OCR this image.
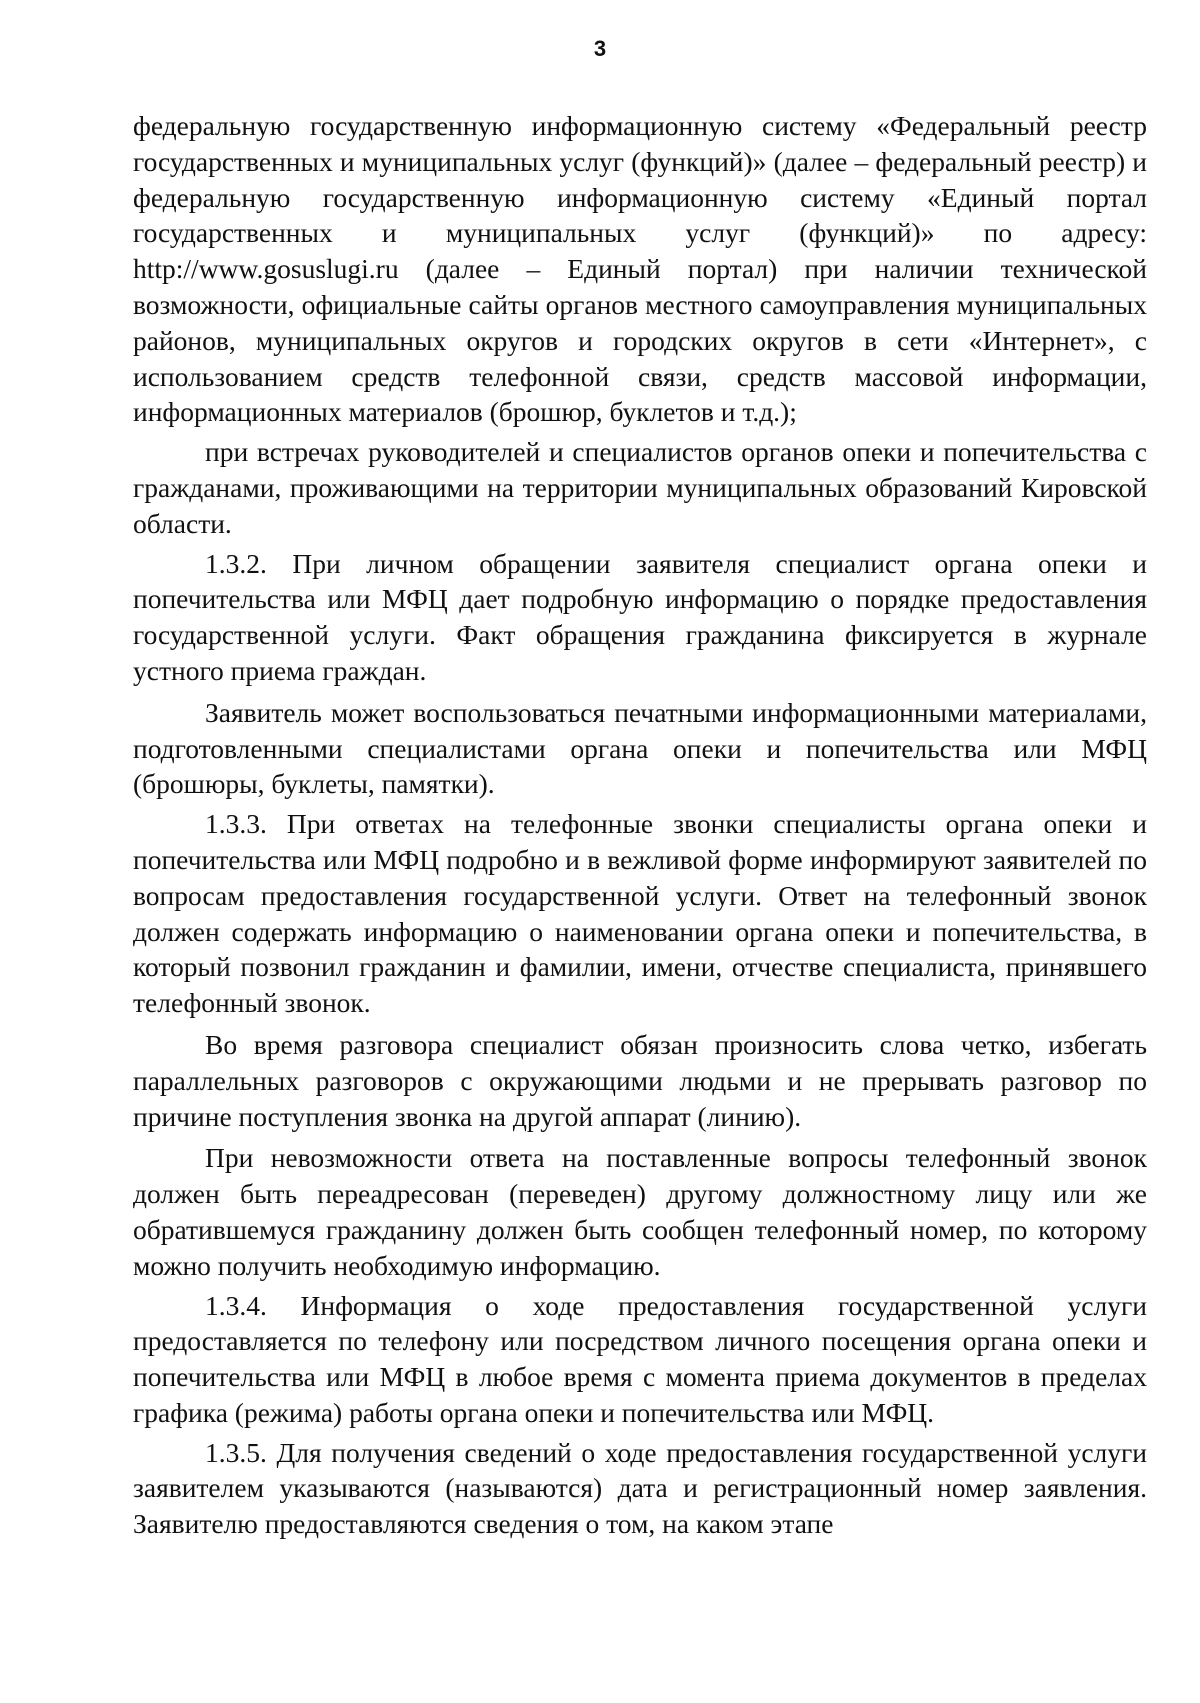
3

федеральную государственную информационную систему «Федеральный реестр государственных и муниципальных услуг (функций)» (далее – федеральный реестр) и федеральную государственную информационную систему «Единый портал государственных и муниципальных услуг (функций)» по адресу: http://www.gosuslugi.ru (далее – Единый портал) при наличии технической возможности, официальные сайты органов местного самоуправления муниципальных районов, муниципальных округов и городских округов в сети «Интернет», с использованием средств телефонной связи, средств массовой информации, информационных материалов (брошюр, буклетов и т.д.);

при встречах руководителей и специалистов органов опеки и попечительства с гражданами, проживающими на территории муниципальных образований Кировской области.

1.3.2. При личном обращении заявителя специалист органа опеки и попечительства или МФЦ дает подробную информацию о порядке предоставления государственной услуги. Факт обращения гражданина фиксируется в журнале устного приема граждан.

Заявитель может воспользоваться печатными информационными материалами, подготовленными специалистами органа опеки и попечительства или МФЦ (брошюры, буклеты, памятки).

1.3.3. При ответах на телефонные звонки специалисты органа опеки и попечительства или МФЦ подробно и в вежливой форме информируют заявителей по вопросам предоставления государственной услуги. Ответ на телефонный звонок должен содержать информацию о наименовании органа опеки и попечительства, в который позвонил гражданин и фамилии, имени, отчестве специалиста, принявшего телефонный звонок.

Во время разговора специалист обязан произносить слова четко, избегать параллельных разговоров с окружающими людьми и не прерывать разговор по причине поступления звонка на другой аппарат (линию).

При невозможности ответа на поставленные вопросы телефонный звонок должен быть переадресован (переведен) другому должностному лицу или же обратившемуся гражданину должен быть сообщен телефонный номер, по которому можно получить необходимую информацию.

1.3.4. Информация о ходе предоставления государственной услуги предоставляется по телефону или посредством личного посещения органа опеки и попечительства или МФЦ в любое время с момента приема документов в пределах графика (режима) работы органа опеки и попечительства или МФЦ.

1.3.5. Для получения сведений о ходе предоставления государственной услуги заявителем указываются (называются) дата и регистрационный номер заявления. Заявителю предоставляются сведения о том, на каком этапе
